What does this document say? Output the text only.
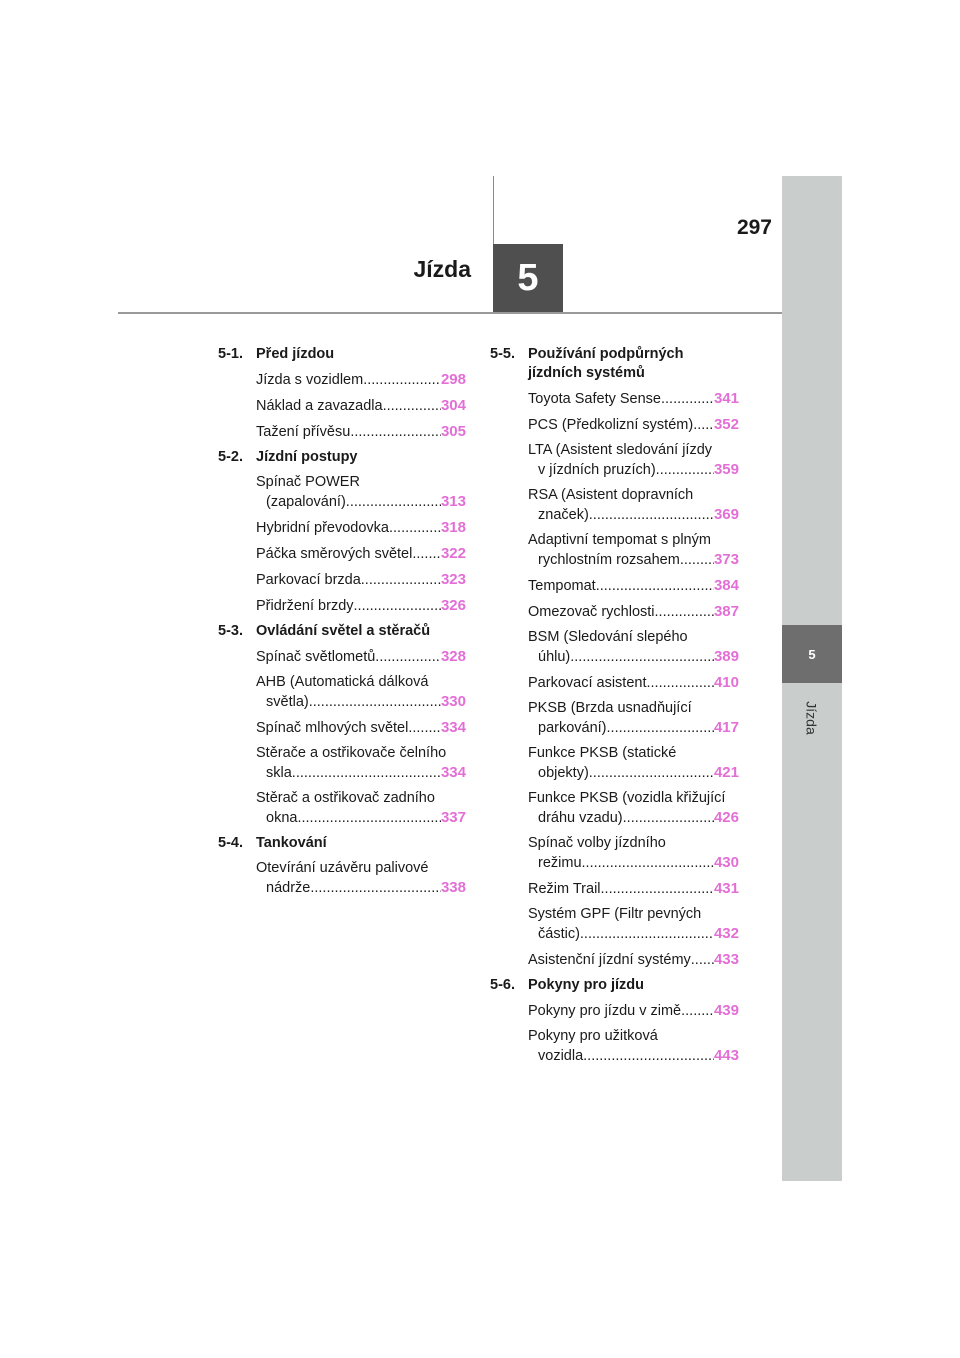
5
Jízda
5
Jízda
297
5-1. Před jízdou
Jízda s vozidlem .....	298
Náklad a zavazadla .....	304
Tažení přívěsu .....	305
5-2. Jízdní postupy
Spínač POWER
(zapalování) .....	313
Hybridní převodovka .....	318
Páčka směrových světel ..... 322
Parkovací brzda .....	323
Přidržení brzdy .....	326
5-3. Ovládání světel a stěračů
Spínač světlometů .....	328
AHB (Automatická dálková
světla) .....	330
Spínač mlhových světel ..... 334
Stěrače a ostřikovače čelního
skla .....	334
Stěrač a ostřikovač zadního
okna .....	337
5-4. Tankování
Otevírání uzávěru palivové
nádrže .....	338
5-5. Používání podpůrných jízdních systémů
Toyota Safety Sense .....	341
PCS (Předkolizní systém) ..... 352
LTA (Asistent sledování jízdy
v jízdních pruzích) .....	359
RSA (Asistent dopravních
značek) .....	369
Adaptivní tempomat s plným
rychlostním rozsahem ..... 373
Tempomat .....	384
Omezovač rychlosti .....	387
BSM (Sledování slepého
úhlu) .....	389
Parkovací asistent .....	410
PKSB (Brzda usnadňující
parkování) .....	417
Funkce PKSB (statické
objekty) .....	421
Funkce PKSB (vozidla křižující
dráhu vzadu) .....	426
Spínač volby jízdního
režimu .....	430
Režim Trail .....	431
Systém GPF (Filtr pevných
částic) .....	432
Asistenční jízdní systémy ..... 433
5-6. Pokyny pro jízdu
Pokyny pro jízdu v zimě ..... 439
Pokyny pro užitková
vozidla .....	443
